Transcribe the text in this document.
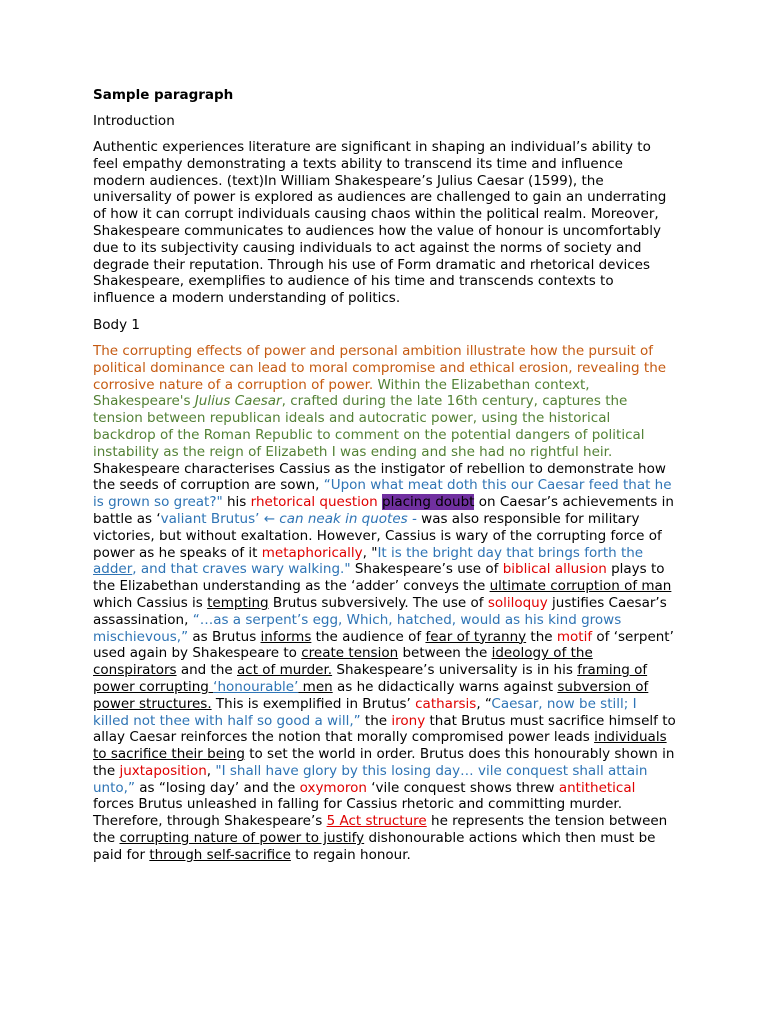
Sample paragraph
Introduction

Authentic experiences literature are significant in shaping an individual’s ability to feel empathy demonstrating a texts ability to transcend its time and influence modern audiences. (text)In William Shakespeare’s Julius Caesar (1599), the universality of power is explored as audiences are challenged to gain an underrating of how it can corrupt individuals causing chaos within the political realm. Moreover, Shakespeare communicates to audiences how the value of honour is uncomfortably due to its subjectivity causing individuals to act against the norms of society and degrade their reputation. Through his use of Form dramatic and rhetorical devices Shakespeare, exemplifies to audience of his time and transcends contexts to influence a modern understanding of politics.

Body 1

The corrupting effects of power and personal ambition illustrate how the pursuit of political dominance can lead to moral compromise and ethical erosion, revealing the corrosive nature of a corruption of power. Within the Elizabethan context, Shakespeare's Julius Caesar, crafted during the late 16th century, captures the tension between republican ideals and autocratic power, using the historical backdrop of the Roman Republic to comment on the potential dangers of political instability as the reign of Elizabeth I was ending and she had no rightful heir. Shakespeare characterises Cassius as the instigator of rebellion to demonstrate how the seeds of corruption are sown, “Upon what meat doth this our Caesar feed that he is grown so great?" his rhetorical question placing doubt on Caesar’s achievements in battle as ‘valiant Brutus’ ← can neak in quotes - was also responsible for military victories, but without exaltation. However, Cassius is wary of the corrupting force of power as he speaks of it metaphorically, "It is the bright day that brings forth the adder, and that craves wary walking." Shakespeare’s use of biblical allusion plays to the Elizabethan understanding as the ‘adder’ conveys the ultimate corruption of man which Cassius is tempting Brutus subversively. The use of soliloquy justifies Caesar’s assassination, “…as a serpent’s egg, Which, hatched, would as his kind grows mischievous,” as Brutus informs the audience of fear of tyranny the motif of ‘serpent’ used again by Shakespeare to create tension between the ideology of the conspirators and the act of murder. Shakespeare’s universality is in his framing of power corrupting ‘honourable’ men as he didactically warns against subversion of power structures. This is exemplified in Brutus’ catharsis, “Caesar, now be still; I killed not thee with half so good a will,” the irony that Brutus must sacrifice himself to allay Caesar reinforces the notion that morally compromised power leads individuals to sacrifice their being to set the world in order. Brutus does this honourably shown in the juxtaposition, "I shall have glory by this losing day… vile conquest shall attain unto,” as “losing day’ and the oxymoron ‘vile conquest shows threw antithetical forces Brutus unleashed in falling for Cassius rhetoric and committing murder. Therefore, through Shakespeare’s 5 Act structure he represents the tension between the corrupting nature of power to justify dishonourable actions which then must be paid for through self-sacrifice to regain honour.
